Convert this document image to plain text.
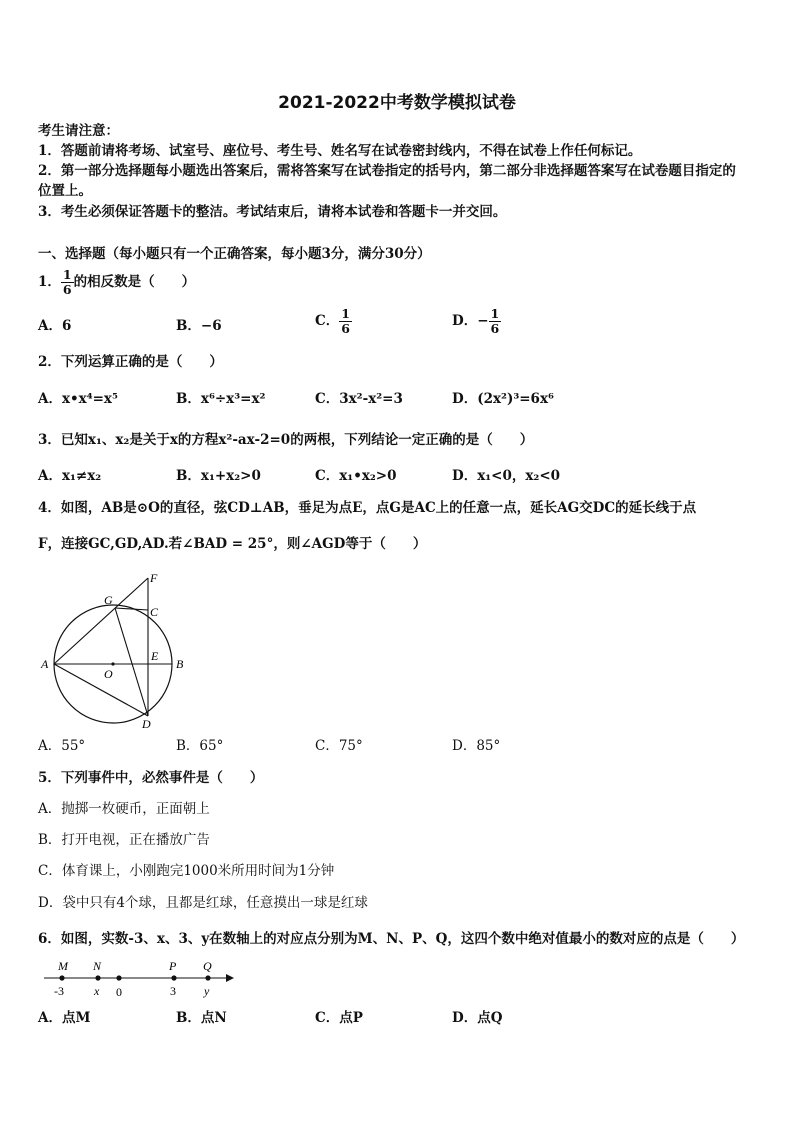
2021-2022中考数学模拟试卷
考生请注意：
1．答题前请将考场、试室号、座位号、考生号、姓名写在试卷密封线内，不得在试卷上作任何标记。
2．第一部分选择题每小题选出答案后，需将答案写在试卷指定的括号内，第二部分非选择题答案写在试卷题目指定的
位置上。
3．考生必须保证答题卡的整洁。考试结束后，请将本试卷和答题卡一并交回。
一、选择题（每小题只有一个正确答案，每小题3分，满分30分）
1． $\frac{1}{6}$ 的相反数是（　　）
A．6	B．−6	C． $\frac{1}{6}$	D．− $\frac{1}{6}$
2．下列运算正确的是（　　）
A．x•x⁴=x⁵	B．x⁶÷x³=x²	C．3x²-x²=3	D．(2x²)³=6x⁶
3．已知x₁、x₂是关于x的方程x²-ax-2=0的两根，下列结论一定正确的是（　　）
A．x₁≠x₂	B．x₁+x₂>0	C．x₁•x₂>0	D．x₁<0，x₂<0
4．如图，AB是⊙O的直径，弦CD⊥AB，垂足为点E，点G是AC上的任意一点，延长AG交DC的延长线于点
F，连接GC,GD,AD.若∠BAD = 25°，则∠AGD等于（　　）
A	B
C
D
E
F
G
O
A．55°	B．65°	C．75°	D．85°
5．下列事件中，必然事件是（　　）
A．抛掷一枚硬币，正面朝上
B．打开电视，正在播放广告
C．体育课上，小刚跑完1000米所用时间为1分钟
D．袋中只有4个球，且都是红球，任意摸出一球是红球
6．如图，实数-3、x、3、y在数轴上的对应点分别为M、N、P、Q，这四个数中绝对值最小的数对应的点是（　　）
M N	P Q
-3	x 0	3 y
A．点M	B．点N	C．点P	D．点Q
